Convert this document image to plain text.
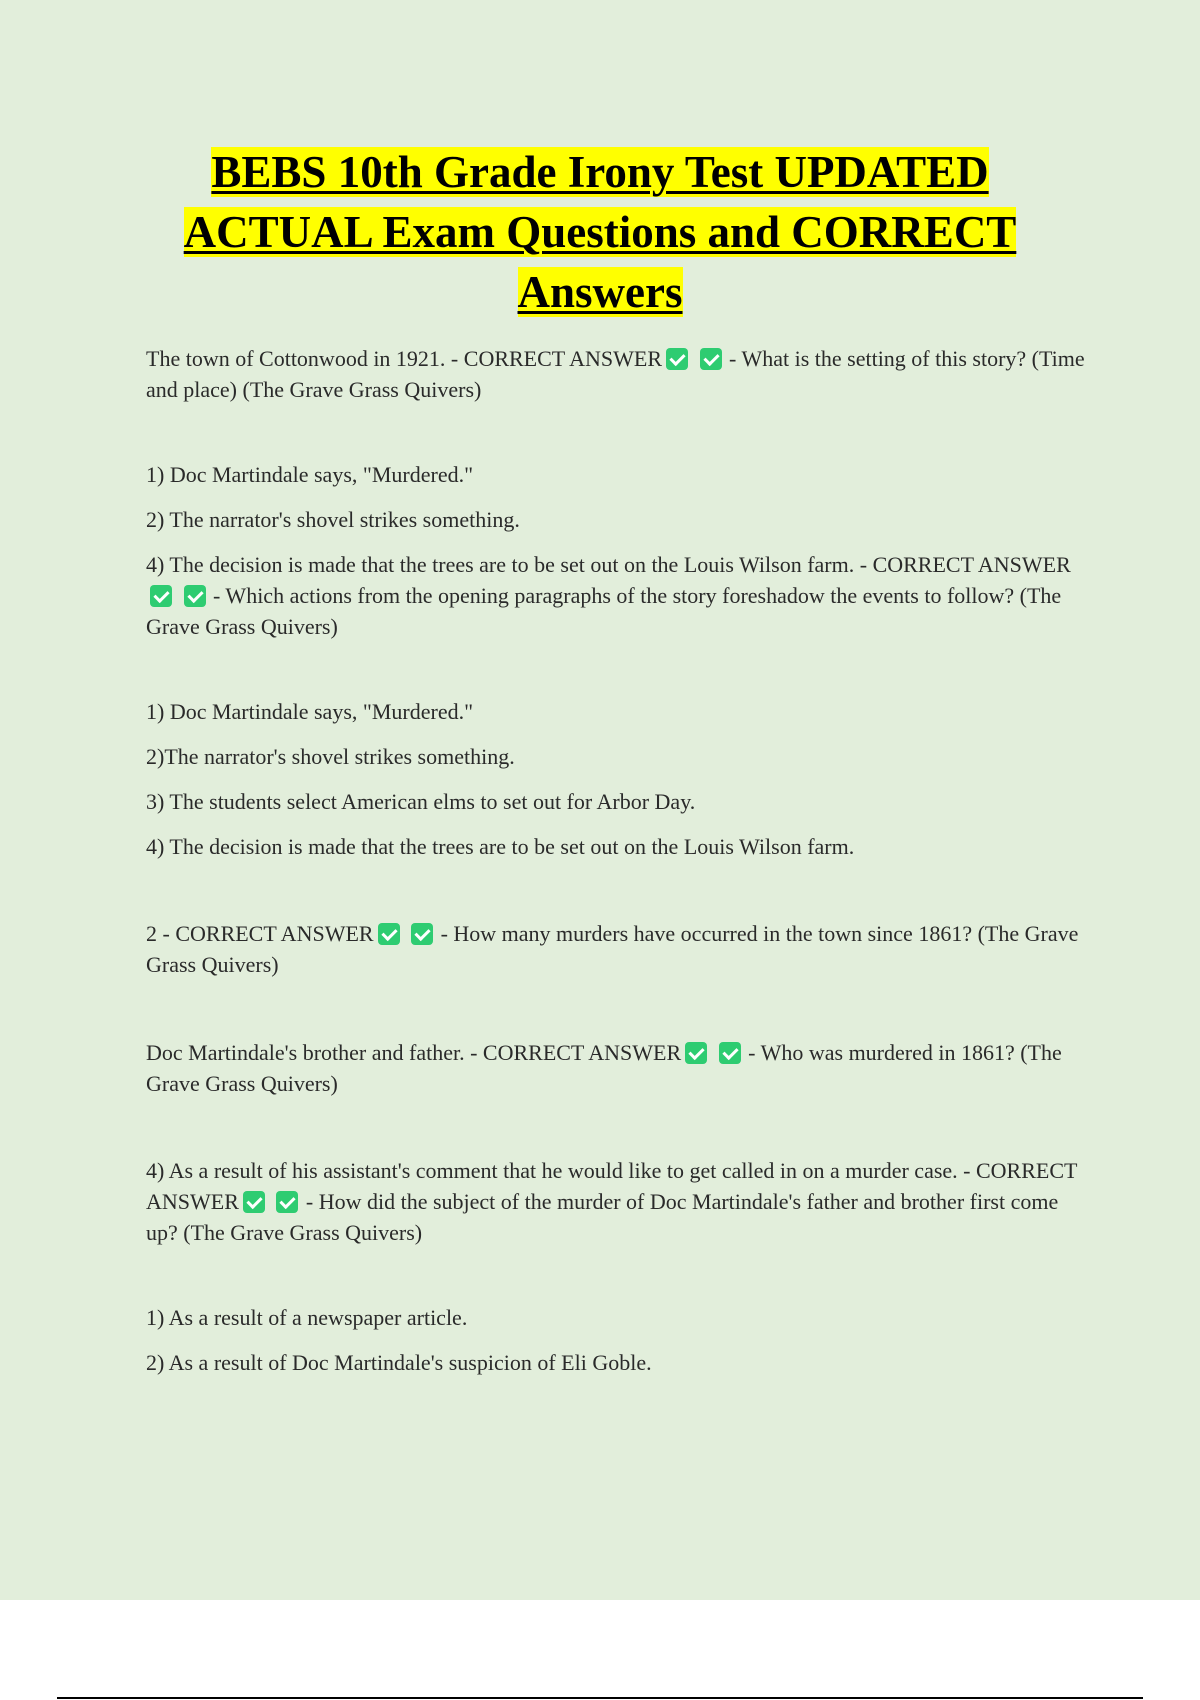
BEBS 10th Grade Irony Test UPDATED
ACTUAL Exam Questions and CORRECT
Answers

The town of Cottonwood in 1921. - CORRECT ANSWER	- What is the setting of this story? (Time and place) (The Grave Grass Quivers)

1) Doc Martindale says, "Murdered."

2) The narrator's shovel strikes something.

4) The decision is made that the trees are to be set out on the Louis Wilson farm. - CORRECT ANSWER  - Which actions from the opening paragraphs of the story foreshadow the events to follow? (The Grave Grass Quivers)

1) Doc Martindale says, "Murdered."

2)The narrator's shovel strikes something.

3) The students select American elms to set out for Arbor Day.

4) The decision is made that the trees are to be set out on the Louis Wilson farm.

2 - CORRECT ANSWER	- How many murders have occurred in the town since 1861? (The Grave Grass Quivers)

Doc Martindale's brother and father. - CORRECT ANSWER	- Who was murdered in 1861? (The Grave Grass Quivers)

4) As a result of his assistant's comment that he would like to get called in on a murder case. - CORRECT ANSWER	- How did the subject of the murder of Doc Martindale's father and brother first come up? (The Grave Grass Quivers)

1) As a result of a newspaper article.

2) As a result of Doc Martindale's suspicion of Eli Goble.
